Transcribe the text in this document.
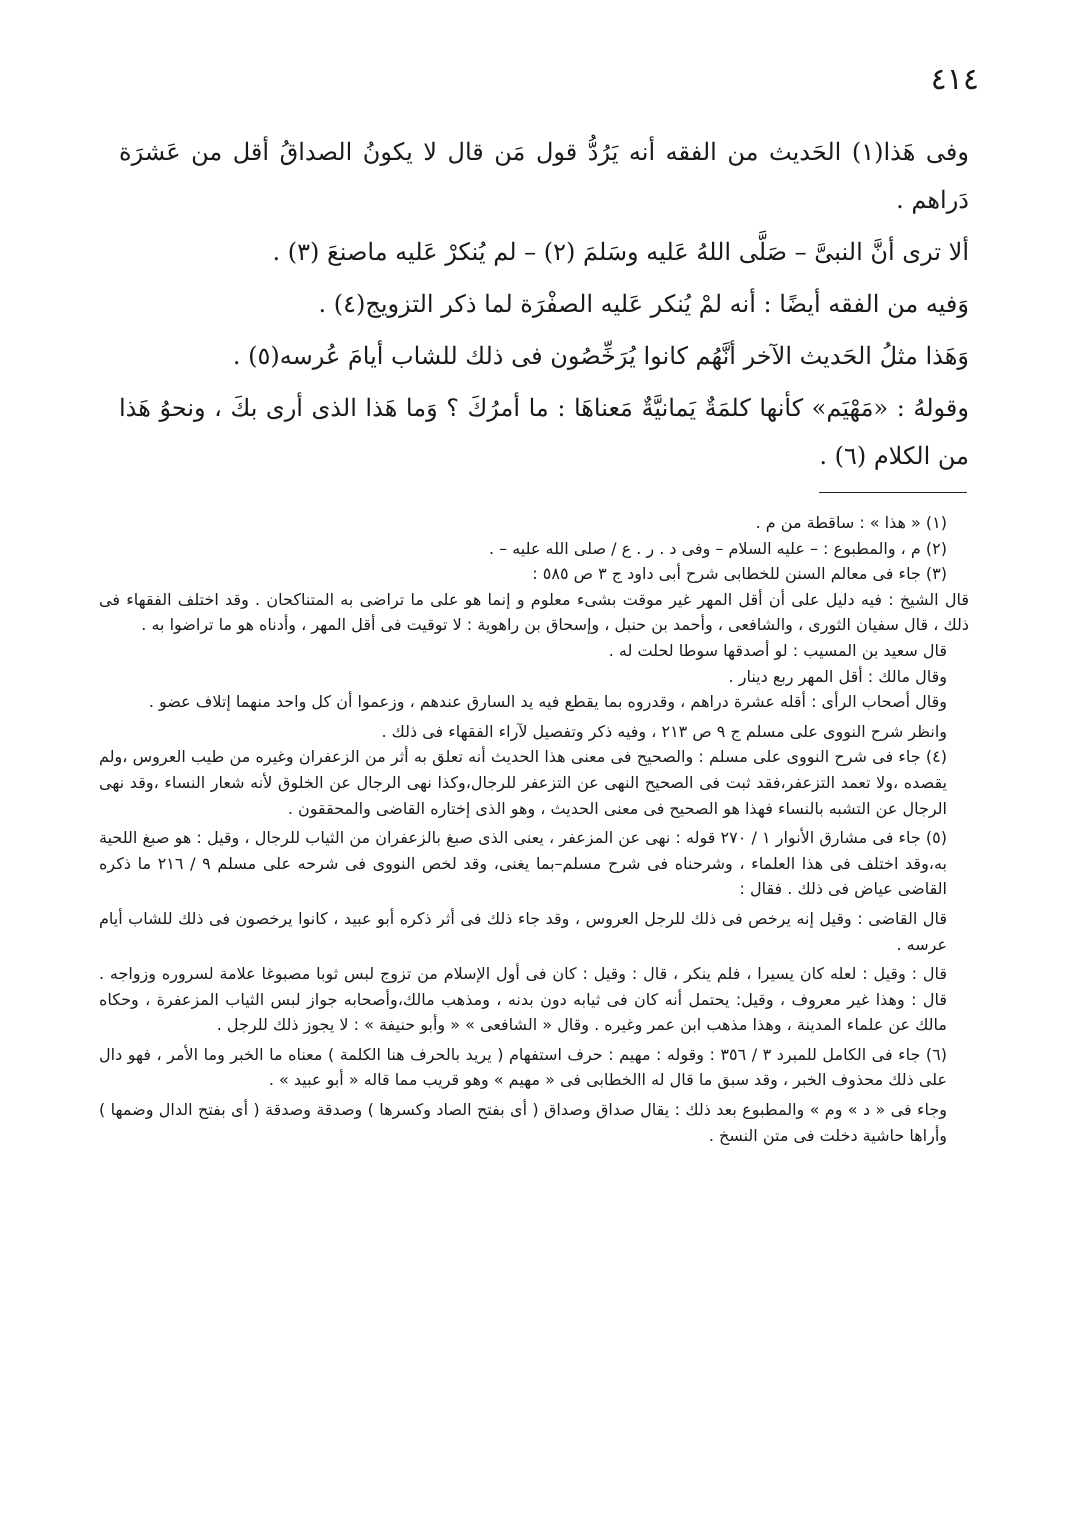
٤١٤

وفى هَذا(١) الحَديث من الفقه أنه يَرُدُّ قول مَن قال لا يكونُ الصداقُ أقل من عَشرَة دَراهم .

ألا ترى أنَّ النبىَّ – صَلَّى اللهُ عَليه وسَلمَ (٢) – لم يُنكرْ عَليه ماصنعَ (٣) .

وَفيه من الفقه أيضًا : أنه لمْ يُنكر عَليه الصفْرَة لما ذكر التزويج(٤) .

وَهَذا مثلُ الحَديث الآخر أنَّهُم كانوا يُرَخِّصُون فى ذلك للشاب أيامَ عُرسه(٥) .

وقولهُ : «مَهْيَم» كأنها كلمَةٌ يَمانيَّةٌ مَعناهَا : ما أمرُكَ ؟ وَما هَذا الذى أرى بكَ ، ونحوُ هَذا من الكلام (٦) .

(١) « هذا » : ساقطة من م .

(٢) م ، والمطبوع : – عليه السلام – وفى د . ر . ع / صلى الله عليه – .

(٣) جاء فى معالم السنن للخطابى شرح أبى داود ج ٣ ص ٥٨٥ :

قال الشيخ : فيه دليل على أن أقل المهر غير موقت بشىء معلوم و إنما هو على ما تراضى به المتناكحان . وقد اختلف الفقهاء فى ذلك ، قال سفيان الثورى ، والشافعى ، وأحمد بن حنبل ، وإسحاق بن راهوية : لا توقيت فى أقل المهر ، وأدناه هو ما تراضوا به .

قال سعيد بن المسيب : لو أصدقها سوطا لحلت له .

وقال مالك : أقل المهر ربع دينار .

وقال أصحاب الرأى : أقله عشرة دراهم ، وقدروه بما يقطع فيه يد السارق عندهم ، وزعموا أن كل واحد منهما إتلاف عضو .

وانظر شرح النووى على مسلم ج ٩ ص ٢١٣ ، وفيه ذكر وتفصيل لآراء الفقهاء فى ذلك .

(٤) جاء فى شرح النووى على مسلم : والصحيح فى معنى هذا الحديث أنه تعلق به أثر من الزعفران وغيره من طيب العروس ،ولم يقصده ،ولا تعمد التزعفر،فقد ثبت فى الصحيح النهى عن التزعفر للرجال،وكذا نهى الرجال عن الخلوق لأنه شعار النساء ،وقد نهى الرجال عن التشبه بالنساء فهذا هو الصحيح فى معنى الحديث ، وهو الذى إختاره القاضى والمحققون .

(٥) جاء فى مشارق الأنوار ١ / ٢٧٠ قوله : نهى عن المزعفر ، يعنى الذى صبغ بالزعفران من الثياب للرجال ، وقيل : هو صبغ اللحية به،وقد اختلف فى هذا العلماء ، وشرحناه فى شرح مسلم–بما يغنى، وقد لخص النووى فى شرحه على مسلم ٩ / ٢١٦ ما ذكره القاضى عياض فى ذلك . فقال :

قال القاضى : وقيل إنه يرخص فى ذلك للرجل العروس ، وقد جاء ذلك فى أثر ذكره أبو عبيد ، كانوا يرخصون فى ذلك للشاب أيام عرسه .

قال : وقيل : لعله كان يسيرا ، فلم ينكر ، قال : وقيل : كان فى أول الإسلام من تزوج لبس ثوبا مصبوغا علامة لسروره وزواجه . قال : وهذا غير معروف ، وقيل: يحتمل أنه كان فى ثيابه دون بدنه ، ومذهب مالك،وأصحابه جواز لبس الثياب المزعفرة ، وحكاه مالك عن علماء المدينة ، وهذا مذهب ابن عمر وغيره . وقال « الشافعى » « وأبو حنيفة » : لا يجوز ذلك للرجل .

(٦) جاء فى الكامل للمبرد ٣ / ٣٥٦ : وقوله : مهيم : حرف استفهام ( يريد بالحرف هنا الكلمة ) معناه ما الخبر وما الأمر ، فهو دال على ذلك محذوف الخبر ، وقد سبق ما قال له االخطابى فى « مهيم » وهو قريب مما قاله « أبو عبيد » .

وجاء فى « د » وم » والمطبوع بعد ذلك : يقال صداق وصداق ( أى بفتح الصاد وكسرها ) وصدقة وصدقة ( أى بفتح الدال وضمها ) وأراها حاشية دخلت فى متن النسخ .
